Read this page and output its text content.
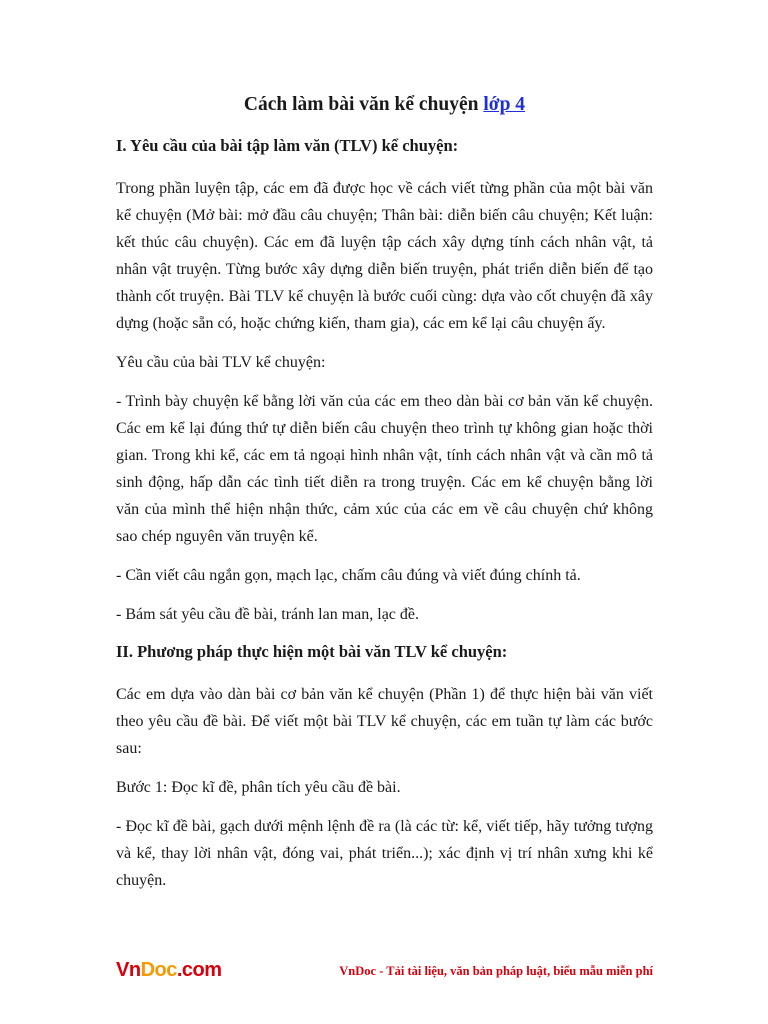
Cách làm bài văn kể chuyện lớp 4
I. Yêu cầu của bài tập làm văn (TLV) kể chuyện:

Trong phần luyện tập, các em đã được học về cách viết từng phần của một bài văn kể chuyện (Mở bài: mở đầu câu chuyện; Thân bài: diễn biến câu chuyện; Kết luận: kết thúc câu chuyện). Các em đã luyện tập cách xây dựng tính cách nhân vật, tả nhân vật truyện. Từng bước xây dựng diễn biến truyện, phát triển diễn biến để tạo thành cốt truyện. Bài TLV kể chuyện là bước cuối cùng: dựa vào cốt chuyện đã xây dựng (hoặc sẵn có, hoặc chứng kiến, tham gia), các em kể lại câu chuyện ấy.

Yêu cầu của bài TLV kể chuyện:

- Trình bày chuyện kể bằng lời văn của các em theo dàn bài cơ bản văn kể chuyện. Các em kể lại đúng thứ tự diễn biến câu chuyện theo trình tự không gian hoặc thời gian. Trong khi kể, các em tả ngoại hình nhân vật, tính cách nhân vật và cần mô tả sinh động, hấp dẫn các tình tiết diễn ra trong truyện. Các em kể chuyện bằng lời văn của mình thể hiện nhận thức, cảm xúc của các em về câu chuyện chứ không sao chép nguyên văn truyện kể.

- Cần viết câu ngắn gọn, mạch lạc, chấm câu đúng và viết đúng chính tả.

- Bám sát yêu cầu đề bài, tránh lan man, lạc đề.

II. Phương pháp thực hiện một bài văn TLV kể chuyện:

Các em dựa vào dàn bài cơ bản văn kể chuyện (Phần 1) để thực hiện bài văn viết theo yêu cầu đề bài. Để viết một bài TLV kể chuyện, các em tuần tự làm các bước sau:

Bước 1: Đọc kĩ đề, phân tích yêu cầu đề bài.

- Đọc kĩ đề bài, gạch dưới mệnh lệnh đề ra (là các từ: kể, viết tiếp, hãy tưởng tượng và kể, thay lời nhân vật, đóng vai, phát triển...); xác định vị trí nhân xưng khi kể chuyện.

VnDoc.com	VnDoc - Tải tài liệu, văn bản pháp luật, biểu mẫu miễn phí
